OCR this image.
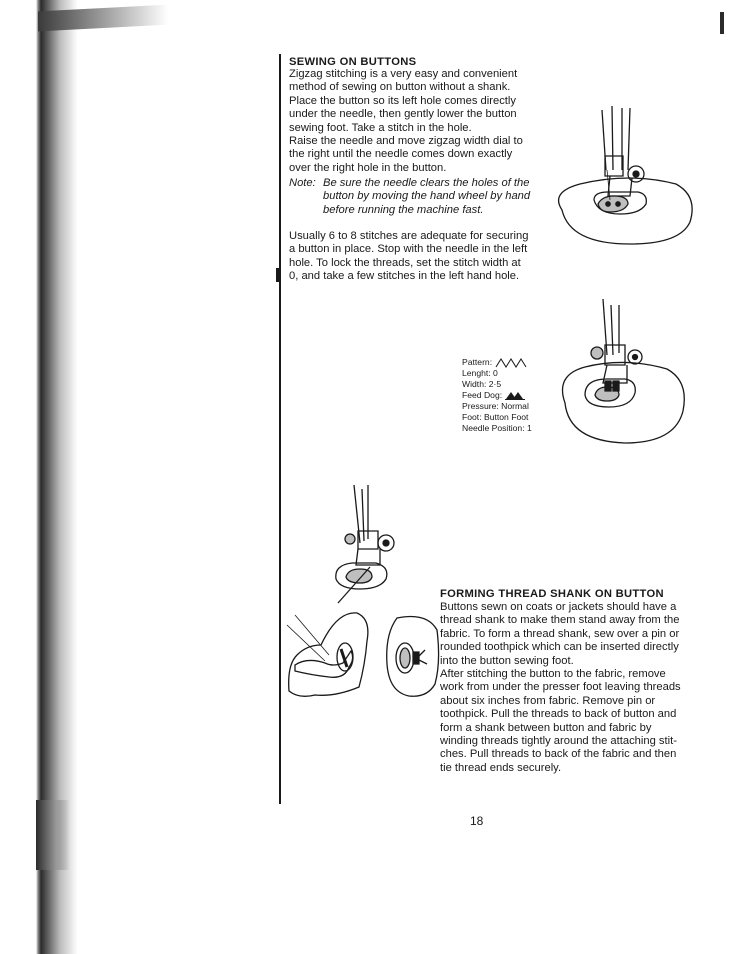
SEWING ON BUTTONS
Zigzag stitching is a very easy and convenient
method of sewing on button without a shank.
Place the button so its left hole comes directly
under the needle, then gently lower the button
sewing foot. Take a stitch in the hole.
Raise the needle and move zigzag width dial to
the right until the needle comes down exactly
over the right hole in the button.
Note: Be sure the needle clears the holes of the
button by moving the hand wheel by hand
before running the machine fast.
Usually 6 to 8 stitches are adequate for securing
a button in place. Stop with the needle in the left
hole. To lock the threads, set the stitch width at
0, and take a few stitches in the left hand hole.
Pattern:
Lenght: 0
Width: 2·5
Feed Dog:
Pressure: Normal
Foot: Button Foot
Needle Position: 1
FORMING THREAD SHANK ON BUTTON
Buttons sewn on coats or jackets should have a
thread shank to make them stand away from the
fabric. To form a thread shank, sew over a pin or
rounded toothpick which can be inserted directly
into the button sewing foot.
After stitching the button to the fabric, remove
work from under the presser foot leaving threads
about six inches from fabric. Remove pin or
toothpick. Pull the threads to back of button and
form a shank between button and fabric by
winding threads tightly around the attaching stit-
ches. Pull threads to back of the fabric and then
tie thread ends securely.
18
